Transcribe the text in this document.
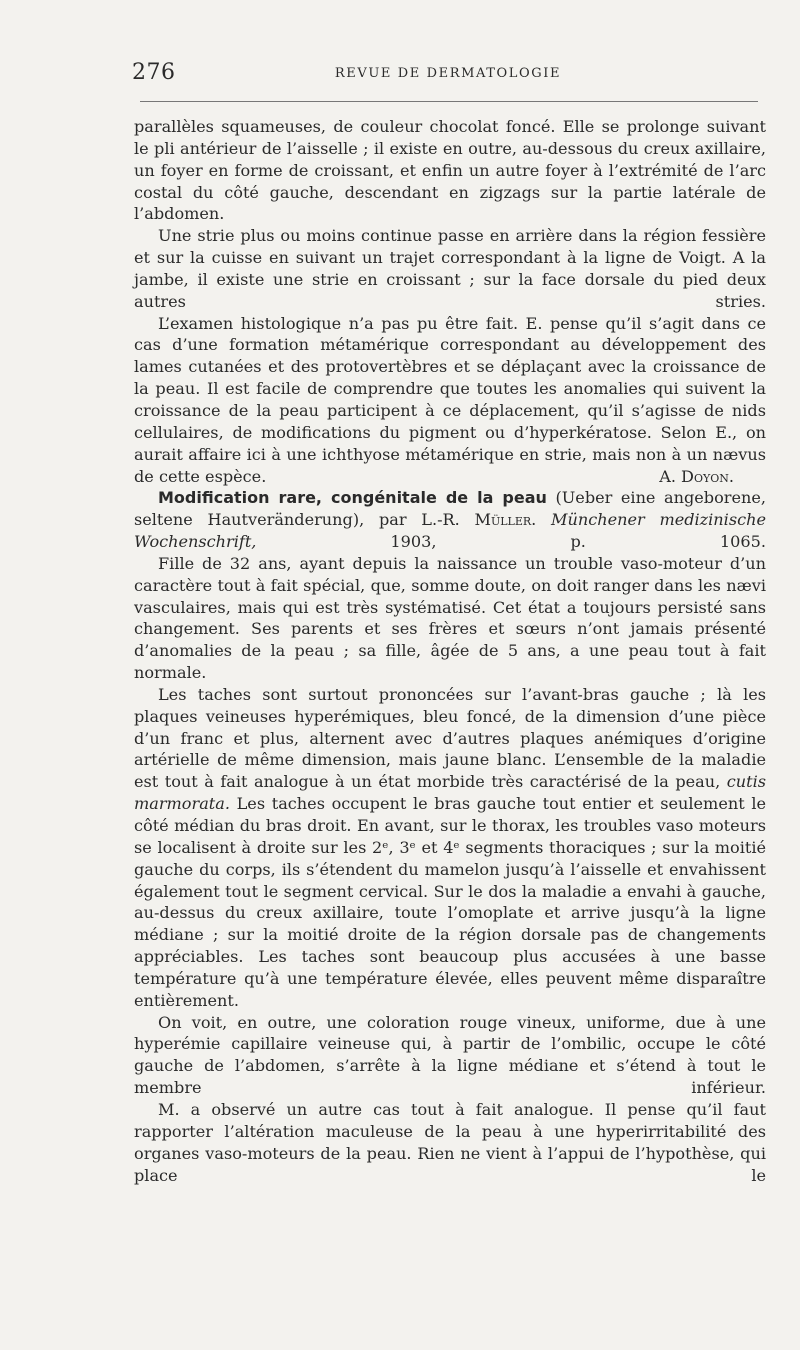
276	REVUE DE DERMATOLOGIE

parallèles squameuses, de couleur chocolat foncé. Elle se prolonge suivant le pli antérieur de l’aisselle ; il existe en outre, au-dessous du creux axillaire, un foyer en forme de croissant, et enfin un autre foyer à l’extrémité de l’arc costal du côté gauche, descendant en zigzags sur la partie latérale de l’abdomen.

Une strie plus ou moins continue passe en arrière dans la région fessière et sur la cuisse en suivant un trajet correspondant à la ligne de Voigt. A la jambe, il existe une strie en croissant ; sur la face dorsale du pied deux autres stries.

L’examen histologique n’a pas pu être fait. E. pense qu’il s’agit dans ce cas d’une formation métamérique correspondant au développement des lames cutanées et des protovertèbres et se déplaçant avec la croissance de la peau. Il est facile de comprendre que toutes les anomalies qui suivent la croissance de la peau participent à ce déplacement, qu’il s’agisse de nids cellulaires, de modifications du pigment ou d’hyperkératose. Selon E., on aurait affaire ici à une ichthyose métamérique en strie, mais non à un nævus de cette espèce.	A. Doyon.

Modification rare, congénitale de la peau (Ueber eine angeborene, seltene Hautveränderung), par L.-R. Müller. Münchener medizinische Wochenschrift, 1903, p. 1065.

Fille de 32 ans, ayant depuis la naissance un trouble vaso-moteur d’un caractère tout à fait spécial, que, somme doute, on doit ranger dans les nævi vasculaires, mais qui est très systématisé. Cet état a toujours persisté sans changement. Ses parents et ses frères et sœurs n’ont jamais présenté d’anomalies de la peau ; sa fille, âgée de 5 ans, a une peau tout à fait normale.

Les taches sont surtout prononcées sur l’avant-bras gauche ; là les plaques veineuses hyperémiques, bleu foncé, de la dimension d’une pièce d’un franc et plus, alternent avec d’autres plaques anémiques d’origine artérielle de même dimension, mais jaune blanc. L’ensemble de la maladie est tout à fait analogue à un état morbide très caractérisé de la peau, cutis marmorata. Les taches occupent le bras gauche tout entier et seulement le côté médian du bras droit. En avant, sur le thorax, les troubles vaso moteurs se localisent à droite sur les 2ᵉ, 3ᵉ et 4ᵉ segments thoraciques ; sur la moitié gauche du corps, ils s’étendent du mamelon jusqu’à l’aisselle et envahissent également tout le segment cervical. Sur le dos la maladie a envahi à gauche, au-dessus du creux axillaire, toute l’omoplate et arrive jusqu’à la ligne médiane ; sur la moitié droite de la région dorsale pas de changements appréciables. Les taches sont beaucoup plus accusées à une basse température qu’à une température élevée, elles peuvent même disparaître entièrement.

On voit, en outre, une coloration rouge vineux, uniforme, due à une hyperémie capillaire veineuse qui, à partir de l’ombilic, occupe le côté gauche de l’abdomen, s’arrête à la ligne médiane et s’étend à tout le membre inférieur.

M. a observé un autre cas tout à fait analogue. Il pense qu’il faut rapporter l’altération maculeuse de la peau à une hyperirritabilité des organes vaso-moteurs de la peau. Rien ne vient à l’appui de l’hypothèse, qui place le
